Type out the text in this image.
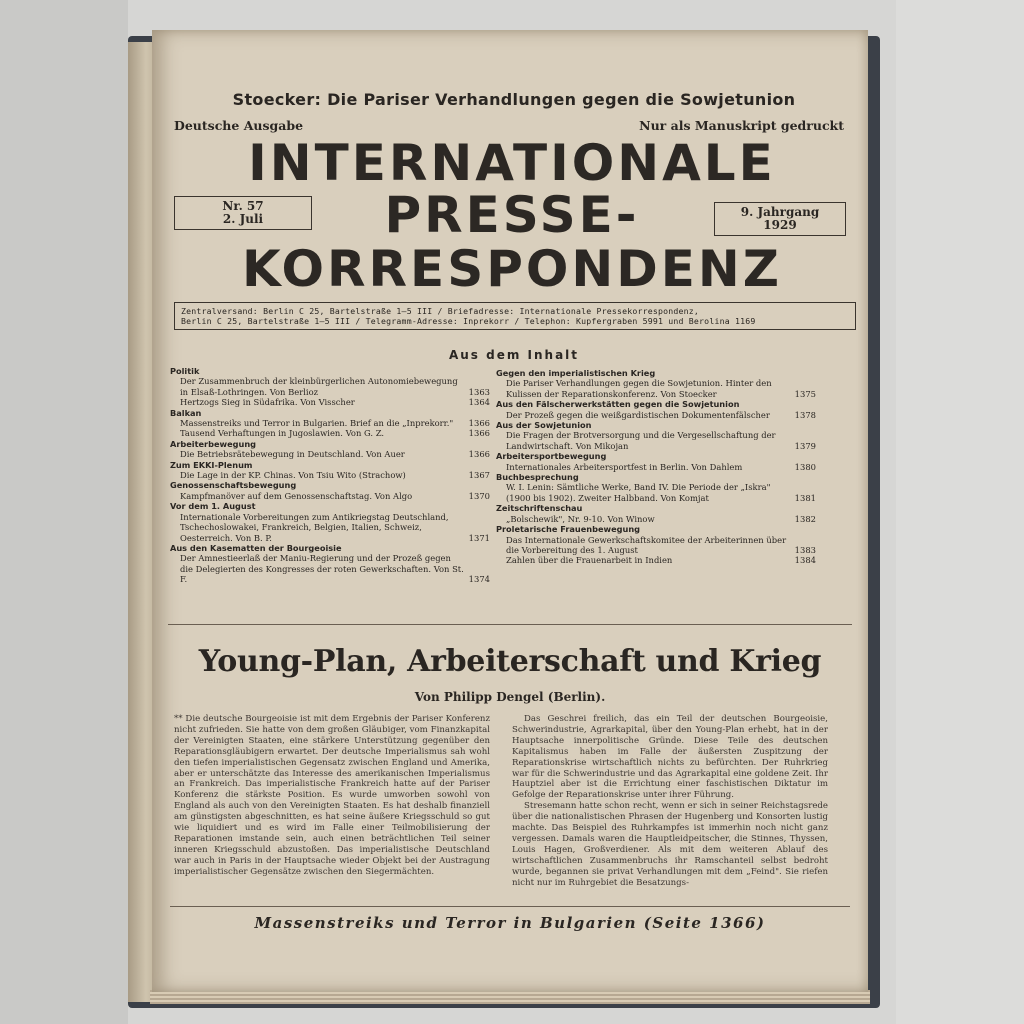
Stoecker: Die Pariser Verhandlungen gegen die Sowjetunion
Deutsche Ausgabe	Nur als Manuskript gedruckt
INTERNATIONALE
PRESSE-
KORRESPONDENZ
Nr. 57
2. Juli	9. Jahrgang
1929
Zentralversand: Berlin C 25, Bartelstraße 1—5 III / Briefadresse: Internationale Pressekorrespondenz,
Berlin C 25, Bartelstraße 1—5 III / Telegramm-Adresse: Inprekorr / Telephon: Kupfergraben 5991 und Berolina 1169
Aus dem Inhalt
Politik
Der Zusammenbruch der kleinbürgerlichen Autonomiebewegung in Elsaß-Lothringen. Von Berlioz	1363
Hertzogs Sieg in Südafrika. Von Visscher	1364
Balkan
Massenstreiks und Terror in Bulgarien. Brief an die „Inprekorr." 1366
Tausend Verhaftungen in Jugoslawien. Von G. Z.	1366
Arbeiterbewegung
Die Betriebsrätebewegung in Deutschland. Von Auer	1366
Zum EKKI-Plenum
Die Lage in der KP. Chinas. Von Tsiu Wito (Strachow)	1367
Genossenschaftsbewegung
Kampfmanöver auf dem Genossenschaftstag. Von Algo	1370
Vor dem 1. August
Internationale Vorbereitungen zum Antikriegstag Deutschland, Tschechoslowakei, Frankreich, Belgien, Italien, Schweiz, Oesterreich. Von B. P.	1371
Aus den Kasematten der Bourgeoisie
Der Amnestieerlaß der Maniu-Regierung und der Prozeß gegen die Delegierten des Kongresses der roten Gewerkschaften. Von St. F.	1374
Gegen den imperialistischen Krieg
Die Pariser Verhandlungen gegen die Sowjetunion. Hinter den Kulissen der Reparationskonferenz. Von Stoecker	1375
Aus den Fälscherwerkstätten gegen die Sowjetunion
Der Prozeß gegen die weißgardistischen Dokumentenfälscher	1378
Aus der Sowjetunion
Die Fragen der Brotversorgung und die Vergesellschaftung der Landwirtschaft. Von Mikojan	1379
Arbeitersportbewegung
Internationales Arbeitersportfest in Berlin. Von Dahlem	1380
Buchbesprechung
W. I. Lenin: Sämtliche Werke, Band IV. Die Periode der „Iskra" (1900 bis 1902). Zweiter Halbband. Von Komjat	1381
Zeitschriftenschau
„Bolschewik", Nr. 9-10. Von Winow	1382
Proletarische Frauenbewegung
Das Internationale Gewerkschaftskomitee der Arbeiterinnen über die Vorbereitung des 1. August	1383
Zahlen über die Frauenarbeit in Indien	1384
Young-Plan, Arbeiterschaft und Krieg
Von Philipp Dengel (Berlin).
** Die deutsche Bourgeoisie ist mit dem Ergebnis der Pariser Konferenz nicht zufrieden. Sie hatte von dem großen Gläubiger, vom Finanzkapital der Vereinigten Staaten, eine stärkere Unterstützung gegenüber den Reparationsgläubigern erwartet. Der deutsche Imperialismus sah wohl den tiefen imperialistischen Gegensatz zwischen England und Amerika, aber er unterschätzte das Interesse des amerikanischen Imperialismus an Frankreich. Das imperialistische Frankreich hatte auf der Pariser Konferenz die stärkste Position. Es wurde umworben sowohl von England als auch von den Vereinigten Staaten. Es hat deshalb finanziell am günstigsten abgeschnitten, es hat seine äußere Kriegsschuld so gut wie liquidiert und es wird im Falle einer Teilmobilisierung der Reparationen imstande sein, auch einen beträchtlichen Teil seiner inneren Kriegsschuld abzustoßen. Das imperialistische Deutschland war auch in Paris in der Hauptsache wieder Objekt bei der Austragung imperialistischer Gegensätze zwischen den Siegermächten.
Das Geschrei freilich, das ein Teil der deutschen Bourgeoisie, Schwerindustrie, Agrarkapital, über den Young-Plan erhebt, hat in der Hauptsache innerpolitische Gründe. Diese Teile des deutschen Kapitalismus haben im Falle der äußersten Zuspitzung der Reparationskrise wirtschaftlich nichts zu befürchten. Der Ruhrkrieg war für die Schwerindustrie und das Agrarkapital eine goldene Zeit. Ihr Hauptziel aber ist die Errichtung einer faschistischen Diktatur im Gefolge der Reparationskrise unter ihrer Führung.
Stresemann hatte schon recht, wenn er sich in seiner Reichstagsrede über die nationalistischen Phrasen der Hugenberg und Konsorten lustig machte. Das Beispiel des Ruhrkampfes ist immerhin noch nicht ganz vergessen. Damals waren die Hauptleidpeitscher, die Stinnes, Thyssen, Louis Hagen, Großverdiener. Als mit dem weiteren Ablauf des wirtschaftlichen Zusammenbruchs ihr Ramschanteil selbst bedroht wurde, begannen sie privat Verhandlungen mit dem „Feind". Sie riefen nicht nur im Ruhrgebiet die Besatzungs-
Massenstreiks und Terror in Bulgarien (Seite 1366)
